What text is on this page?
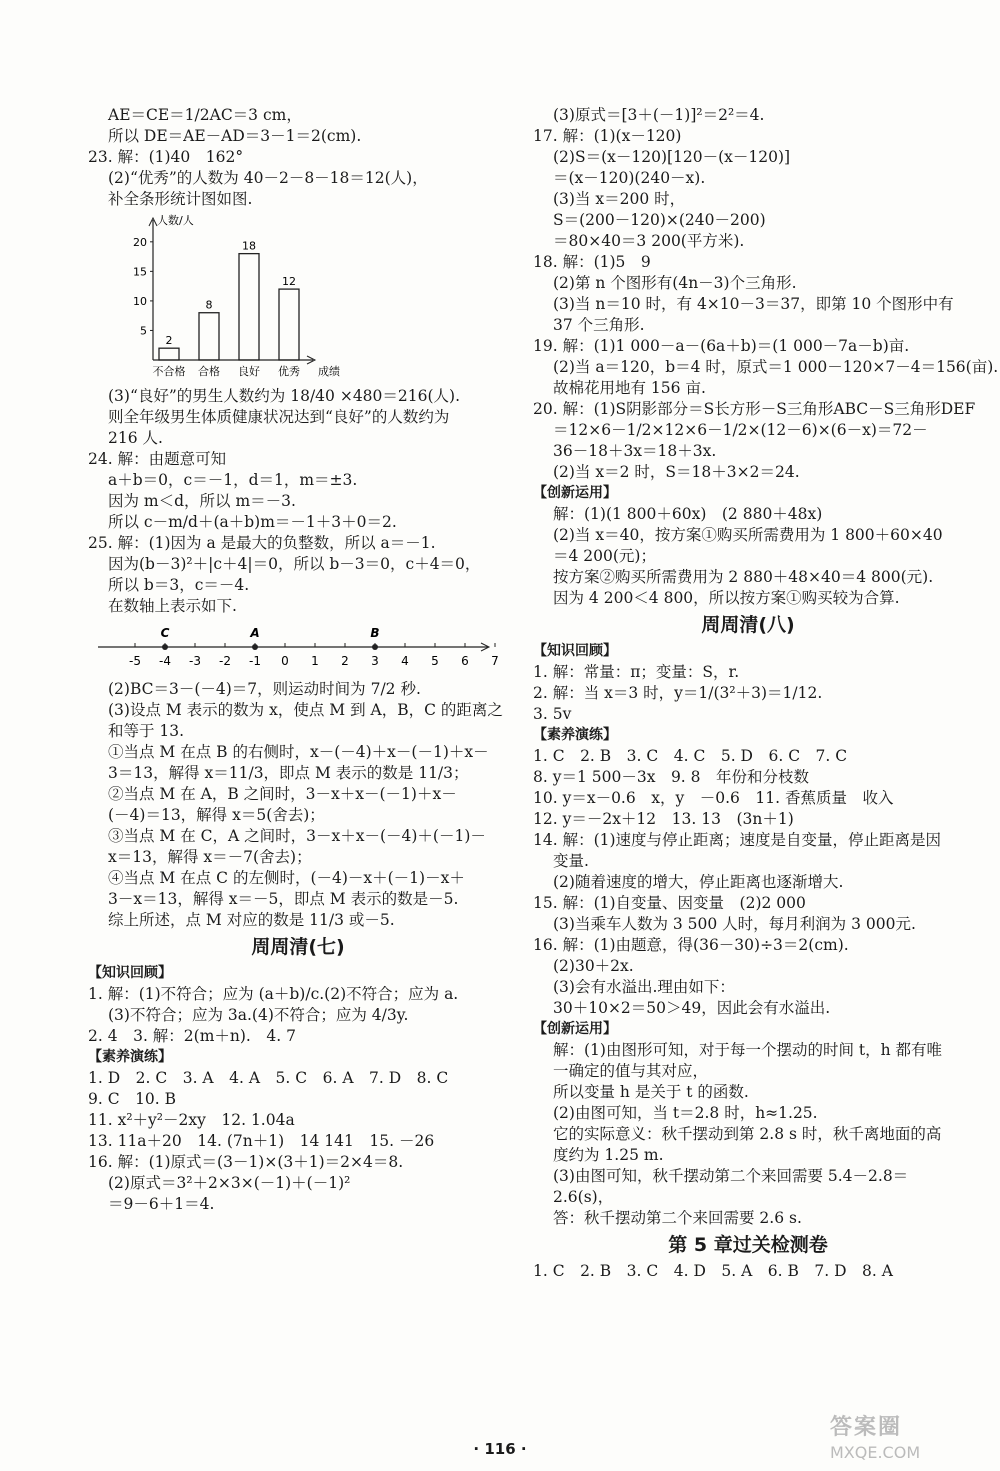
AE＝CE＝1/2AC＝3 cm，
所以 DE＝AE－AD＝3－1＝2(cm).
23. 解：(1)40　162°
(2)“优秀”的人数为 40－2－8－18＝12(人)，
补全条形统计图如图.
人数/人
成绩
5
10
15
20
2
不合格
8
合格
18
良好
12
优秀
(3)“良好”的男生人数约为 18/40 ×480＝216(人).
则全年级男生体质健康状况达到“良好”的人数约为
216 人.
24. 解：由题意可知
a＋b＝0，c＝－1，d＝1，m＝±3.
因为 m＜d，所以 m＝－3.
所以 c－m/d＋(a＋b)m＝－1＋3＋0＝2.
25. 解：(1)因为 a 是最大的负整数，所以 a＝－1.
因为(b－3)²＋|c＋4|＝0，所以 b－3＝0，c＋4＝0，
所以 b＝3，c＝－4.
在数轴上表示如下.
-5 -4 -3 -2 -1 0 1 2 3 4 5 6 7
C	A	B
(2)BC＝3－(－4)＝7，则运动时间为 7/2 秒.
(3)设点 M 表示的数为 x，使点 M 到 A，B，C 的距离之
和等于 13.
①当点 M 在点 B 的右侧时，x－(－4)＋x－(－1)＋x－
3＝13，解得 x＝11/3，即点 M 表示的数是 11/3；
②当点 M 在 A，B 之间时，3－x＋x－(－1)＋x－
(－4)＝13，解得 x＝5(舍去)；
③当点 M 在 C，A 之间时，3－x＋x－(－4)＋(－1)－
x＝13，解得 x＝－7(舍去)；
④当点 M 在点 C 的左侧时，(－4)－x＋(－1)－x＋
3－x＝13，解得 x＝－5，即点 M 表示的数是－5.
综上所述，点 M 对应的数是 11/3 或－5.
周周清(七)
【知识回顾】
1. 解：(1)不符合；应为 (a＋b)/c.(2)不符合；应为 a.
(3)不符合；应为 3a.(4)不符合；应为 4/3y.
2. 4　3. 解：2(m＋n).　4. 7
【素养演练】
1. D　2. C　3. A　4. A　5. C　6. A　7. D　8. C
9. C　10. B
11. x²＋y²－2xy　12. 1.04a
13. 11a＋20　14. (7n＋1)　14 141　15. －26
16. 解：(1)原式＝(3－1)×(3＋1)＝2×4＝8.
(2)原式＝3²＋2×3×(－1)＋(－1)²
＝9－6＋1＝4.
(3)原式＝[3＋(－1)]²＝2²＝4.
17. 解：(1)(x－120)
(2)S＝(x－120)[120－(x－120)]
＝(x－120)(240－x).
(3)当 x＝200 时，
S＝(200－120)×(240－200)
＝80×40＝3 200(平方米).
18. 解：(1)5　9
(2)第 n 个图形有(4n－3)个三角形.
(3)当 n＝10 时，有 4×10－3＝37，即第 10 个图形中有
37 个三角形.
19. 解：(1)1 000－a－(6a＋b)＝(1 000－7a－b)亩.
(2)当 a＝120，b＝4 时，原式＝1 000－120×7－4＝156(亩).
故棉花用地有 156 亩.
20. 解：(1)S阴影部分＝S长方形－S三角形ABC－S三角形DEF
＝12×6－1/2×12×6－1/2×(12－6)×(6－x)＝72－
36－18＋3x＝18＋3x.
(2)当 x＝2 时，S＝18＋3×2＝24.
【创新运用】
解：(1)(1 800＋60x)　(2 880＋48x)
(2)当 x＝40，按方案①购买所需费用为 1 800＋60×40
＝4 200(元)；
按方案②购买所需费用为 2 880＋48×40＝4 800(元).
因为 4 200＜4 800，所以按方案①购买较为合算.
周周清(八)
【知识回顾】
1. 解：常量：π；变量：S，r.
2. 解：当 x＝3 时，y＝1/(3²＋3)＝1/12.
3. 5v
【素养演练】
1. C　2. B　3. C　4. C　5. D　6. C　7. C
8. y＝1 500－3x　9. 8　年份和分枝数
10. y＝x－0.6　x，y　－0.6　11. 香蕉质量　收入
12. y＝－2x＋12　13. 13　(3n＋1)
14. 解：(1)速度与停止距离；速度是自变量，停止距离是因
变量.
(2)随着速度的增大，停止距离也逐渐增大.
15. 解：(1)自变量、因变量　(2)2 000
(3)当乘车人数为 3 500 人时，每月利润为 3 000元.
16. 解：(1)由题意，得(36－30)÷3＝2(cm).
(2)30＋2x.
(3)会有水溢出.理由如下：
30＋10×2＝50＞49，因此会有水溢出.
【创新运用】
解：(1)由图形可知，对于每一个摆动的时间 t，h 都有唯
一确定的值与其对应，
所以变量 h 是关于 t 的函数.
(2)由图可知，当 t＝2.8 时，h≈1.25.
它的实际意义：秋千摆动到第 2.8 s 时，秋千离地面的高
度约为 1.25 m.
(3)由图可知，秋千摆动第二个来回需要 5.4－2.8＝
2.6(s)，
答：秋千摆动第二个来回需要 2.6 s.
第 5 章过关检测卷
1. C　2. B　3. C　4. D　5. A　6. B　7. D　8. A
· 116 ·
答案圈
MXQE.COM
